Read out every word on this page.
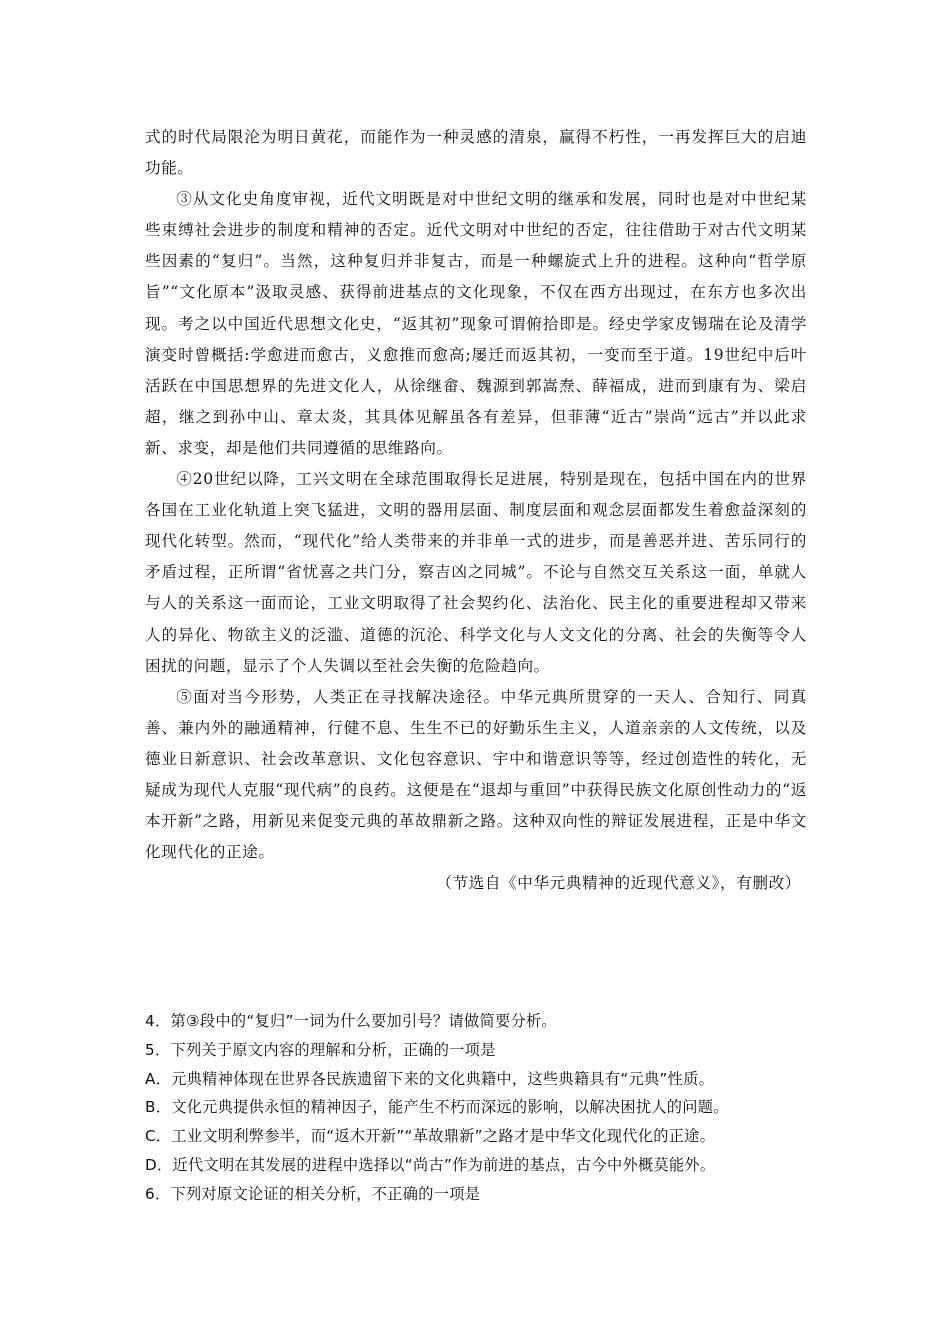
式的时代局限沦为明日黄花，而能作为一种灵感的清泉，赢得不朽性，一再发挥巨大的启迪功能。

③从文化史角度审视，近代文明既是对中世纪文明的继承和发展，同时也是对中世纪某些束缚社会进步的制度和精神的否定。近代文明对中世纪的否定，往往借助于对古代文明某些因素的“复归”。当然，这种复归并非复古，而是一种螺旋式上升的进程。这种向“哲学原旨”“文化原本”汲取灵感、获得前进基点的文化现象，不仅在西方出现过，在东方也多次出现。考之以中国近代思想文化史，“返其初”现象可谓俯拾即是。经史学家皮锡瑞在论及清学演变时曾概括:学愈进而愈古，义愈推而愈高;屡迁而返其初，一变而至于道。19世纪中后叶活跃在中国思想界的先进文化人，从徐继畲、魏源到郭嵩焘、薛福成，进而到康有为、梁启超，继之到孙中山、章太炎，其具体见解虽各有差异，但菲薄“近古”崇尚“远古”并以此求新、求变，却是他们共同遵循的思维路向。

④20世纪以降，工兴文明在全球范围取得长足进展，特别是现在，包括中国在内的世界各国在工业化轨道上突飞猛进，文明的器用层面、制度层面和观念层面都发生着愈益深刻的现代化转型。然而，“现代化”给人类带来的并非单一式的进步，而是善恶并进、苦乐同行的矛盾过程，正所谓“省忧喜之共门分，察吉凶之同城”。不论与自然交互关系这一面，单就人与人的关系这一面而论，工业文明取得了社会契约化、法治化、民主化的重要进程却又带来人的异化、物欲主义的泛滥、道德的沉沦、科学文化与人文文化的分离、社会的失衡等令人困扰的问题，显示了个人失调以至社会失衡的危险趋向。

⑤面对当今形势，人类正在寻找解决途径。中华元典所贯穿的一天人、合知行、同真善、兼内外的融通精神，行健不息、生生不已的好勤乐生主义，人道亲亲的人文传统，以及德业日新意识、社会改革意识、文化包容意识、宇中和谐意识等等，经过创造性的转化，无疑成为现代人克服“现代病”的良药。这便是在“退却与重回”中获得民族文化原创性动力的“返本开新”之路，用新见来促变元典的革故鼎新之路。这种双向性的辩证发展进程，正是中华文化现代化的正途。

（节选自《中华元典精神的近现代意义》，有删改）

4．第③段中的“复归”一词为什么要加引号？请做简要分析。

5．下列关于原文内容的理解和分析，正确的一项是

A．元典精神体现在世界各民族遗留下来的文化典籍中，这些典籍具有“元典”性质。

B．文化元典提供永恒的精神因子，能产生不朽而深远的影响，以解决困扰人的问题。

C．工业文明利弊参半，而“返木开新”“革故鼎新”之路才是中华文化现代化的正途。

D．近代文明在其发展的进程中选择以“尚古”作为前进的基点，古今中外概莫能外。

6．下列对原文论证的相关分析，不正确的一项是
